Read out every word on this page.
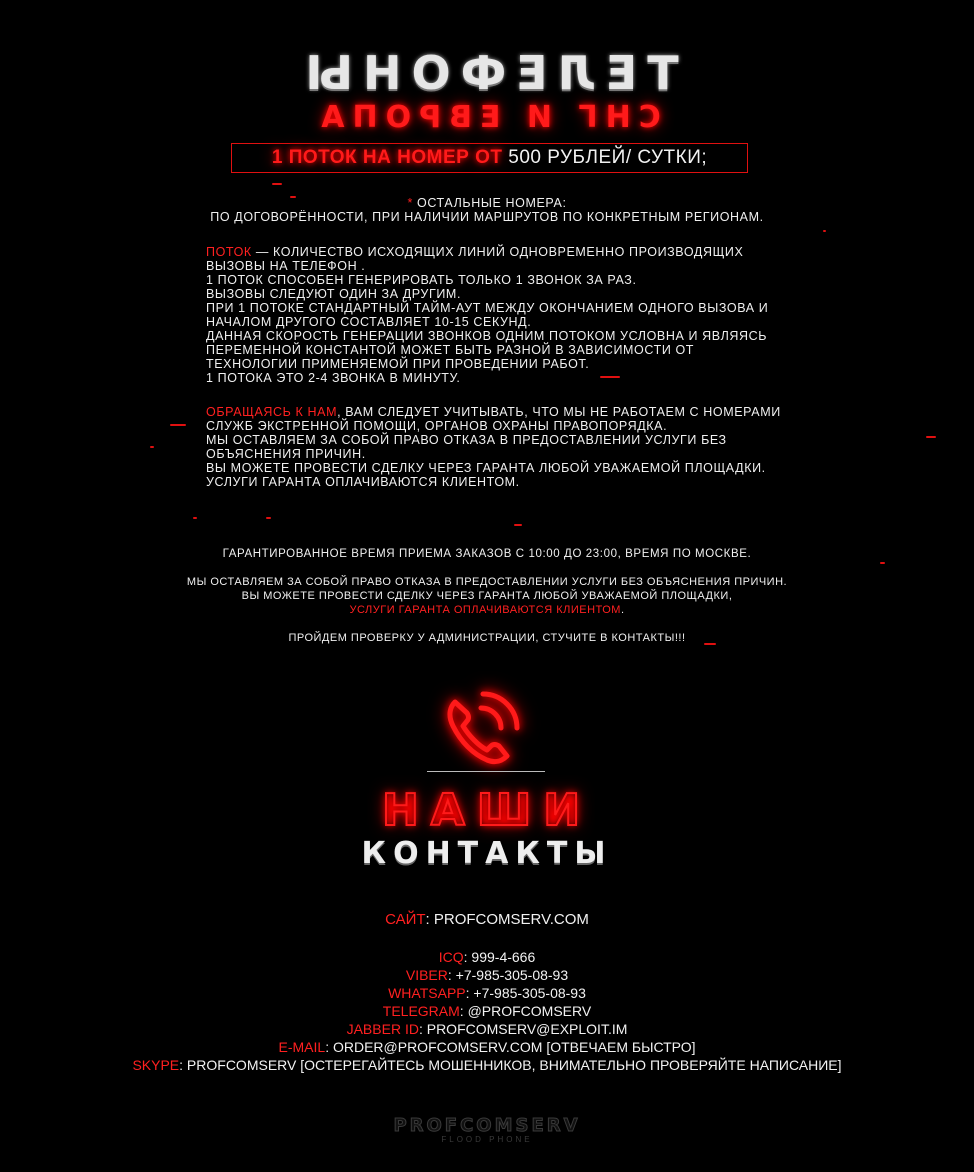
ТЕЛЕФОНЫ
СНГ И ЕВРОПА
1 ПОТОК НА НОМЕР ОТ 500 РУБЛЕЙ/ СУТКИ;
* ОСТАЛЬНЫЕ НОМЕРА:
ПО ДОГОВОРЁННОСТИ, ПРИ НАЛИЧИИ МАРШРУТОВ ПО КОНКРЕТНЫМ РЕГИОНАМ.
ПОТОК — КОЛИЧЕСТВО ИСХОДЯЩИХ ЛИНИЙ ОДНОВРЕМЕННО ПРОИЗВОДЯЩИХ
ВЫЗОВЫ НА ТЕЛЕФОН .
1 ПОТОК СПОСОБЕН ГЕНЕРИРОВАТЬ ТОЛЬКО 1 ЗВОНОК ЗА РАЗ.
ВЫЗОВЫ СЛЕДУЮТ ОДИН ЗА ДРУГИМ.
ПРИ 1 ПОТОКЕ СТАНДАРТНЫЙ ТАЙМ-АУТ МЕЖДУ ОКОНЧАНИЕМ ОДНОГО ВЫЗОВА И
НАЧАЛОМ ДРУГОГО СОСТАВЛЯЕТ 10-15 СЕКУНД.
ДАННАЯ СКОРОСТЬ ГЕНЕРАЦИИ ЗВОНКОВ ОДНИМ ПОТОКОМ УСЛОВНА И ЯВЛЯЯСЬ
ПЕРЕМЕННОЙ КОНСТАНТОЙ МОЖЕТ БЫТЬ РАЗНОЙ В ЗАВИСИМОСТИ ОТ
ТЕХНОЛОГИИ ПРИМЕНЯЕМОЙ ПРИ ПРОВЕДЕНИИ РАБОТ.
1 ПОТОКА ЭТО 2-4 ЗВОНКА В МИНУТУ.
ОБРАЩАЯСЬ К НАМ, ВАМ СЛЕДУЕТ УЧИТЫВАТЬ, ЧТО МЫ НЕ РАБОТАЕМ С НОМЕРАМИ
СЛУЖБ ЭКСТРЕННОЙ ПОМОЩИ, ОРГАНОВ ОХРАНЫ ПРАВОПОРЯДКА.
МЫ ОСТАВЛЯЕМ ЗА СОБОЙ ПРАВО ОТКАЗА В ПРЕДОСТАВЛЕНИИ УСЛУГИ БЕЗ
ОБЪЯСНЕНИЯ ПРИЧИН.
ВЫ МОЖЕТЕ ПРОВЕСТИ СДЕЛКУ ЧЕРЕЗ ГАРАНТА ЛЮБОЙ УВАЖАЕМОЙ ПЛОЩАДКИ.
УСЛУГИ ГАРАНТА ОПЛАЧИВАЮТСЯ КЛИЕНТОМ.
ГАРАНТИРОВАННОЕ ВРЕМЯ ПРИЕМА ЗАКАЗОВ С 10:00 ДО 23:00, ВРЕМЯ ПО МОСКВЕ.
МЫ ОСТАВЛЯЕМ ЗА СОБОЙ ПРАВО ОТКАЗА В ПРЕДОСТАВЛЕНИИ УСЛУГИ БЕЗ ОБЪЯСНЕНИЯ ПРИЧИН.
ВЫ МОЖЕТЕ ПРОВЕСТИ СДЕЛКУ ЧЕРЕЗ ГАРАНТА ЛЮБОЙ УВАЖАЕМОЙ ПЛОЩАДКИ,
УСЛУГИ ГАРАНТА ОПЛАЧИВАЮТСЯ КЛИЕНТОМ.
ПРОЙДЕМ ПРОВЕРКУ У АДМИНИСТРАЦИИ, СТУЧИТЕ В КОНТАКТЫ!!!
НАШИ
КОНТАКТЫ
САЙТ: PROFCOMSERV.COM
ICQ: 999-4-666
VIBER: +7-985-305-08-93
WHATSAPP: +7-985-305-08-93
TELEGRAM: @PROFCOMSERV
JABBER ID: PROFCOMSERV@EXPLOIT.IM
E-MAIL: ORDER@PROFCOMSERV.COM [ОТВЕЧАЕМ БЫСТРО]
SKYPE: PROFCOMSERV [ОСТЕРЕГАЙТЕСЬ МОШЕННИКОВ, ВНИМАТЕЛЬНО ПРОВЕРЯЙТЕ НАПИСАНИЕ]
PROFCOMSERV
FLOOD PHONE
